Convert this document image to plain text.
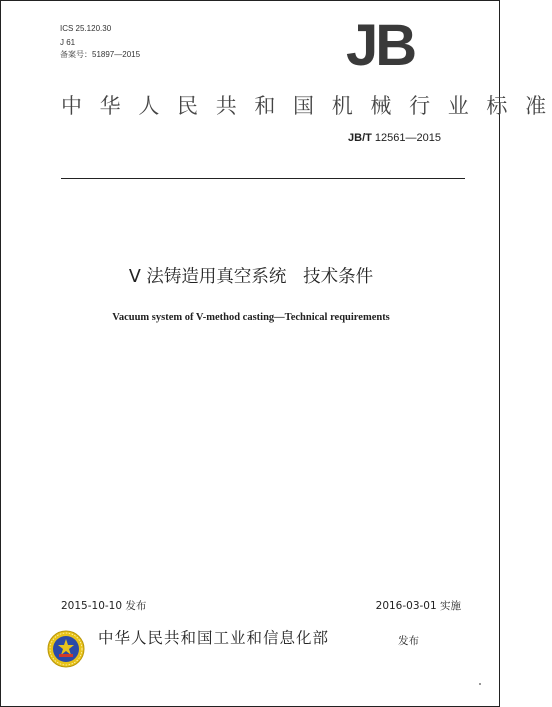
ICS 25.120.30
J 61
备案号：51897—2015	JB
中 华 人 民 共 和 国 机 械 行 业 标 准
JB/T 12561—2015
V 法铸造用真空系统   技术条件
Vacuum system of V-method casting—Technical requirements
2015-10-10 发布	2016-03-01 实施
中华人民共和国工业和信息化部	发布
